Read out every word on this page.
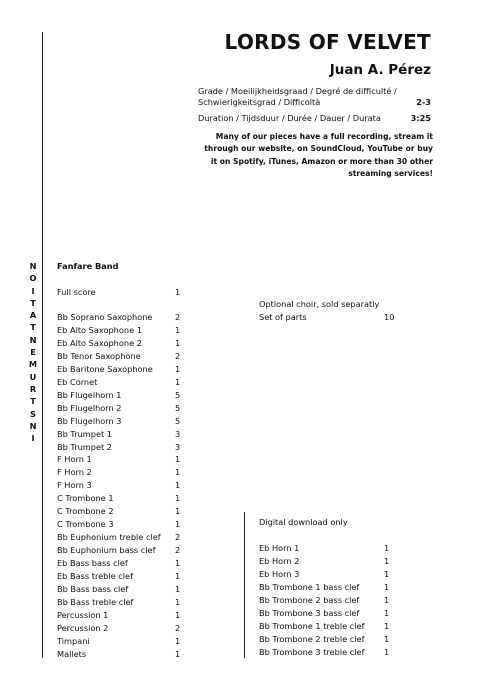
N
O
I
T
A
T
N
E
M
U
R
T
S
N
I
LORDS OF VELVET
Juan A. Pérez
Grade / Moeilijkheidsgraad / Degré de difficulté /
Schwierigkeitsgrad / Difficoltà	2-3
Duration / Tijdsduur / Durée / Dauer / Durata	3:25
Many of our pieces have a full recording, stream it through our website, on SoundCloud, YouTube or buy it on Spotify, iTunes, Amazon or more than 30 other streaming services!
Fanfare Band
Full score	1
Bb Soprano Saxophone	2
Eb Alto Saxophone 1	1
Eb Alto Saxophone 2	1
Bb Tenor Saxophone	2
Eb Baritone Saxophone	1
Eb Cornet	1
Bb Flugelhorn 1	5
Bb Flugelhorn 2	5
Bb Flugelhorn 3	5
Bb Trumpet 1	3
Bb Trumpet 2	3
F Horn 1	1
F Horn 2	1
F Horn 3	1
C Trombone 1	1
C Trombone 2	1
C Trombone 3	1
Bb Euphonium treble clef 2
Bb Euphonium bass clef 2
Eb Bass bass clef	1
Eb Bass treble clef	1
Bb Bass bass clef	1
Bb Bass treble clef	1
Percussion 1	1
Percussion 2	2
Timpani	1
Mallets	1
Optional choir, sold separatly
Set of parts	10
Digital download only
Eb Horn 1	1
Eb Horn 2	1
Eb Horn 3	1
Bb Trombone 1 bass clef	1
Bb Trombone 2 bass clef	1
Bb Trombone 3 bass clef	1
Bb Trombone 1 treble clef 1
Bb Trombone 2 treble clef 1
Bb Trombone 3 treble clef 1
